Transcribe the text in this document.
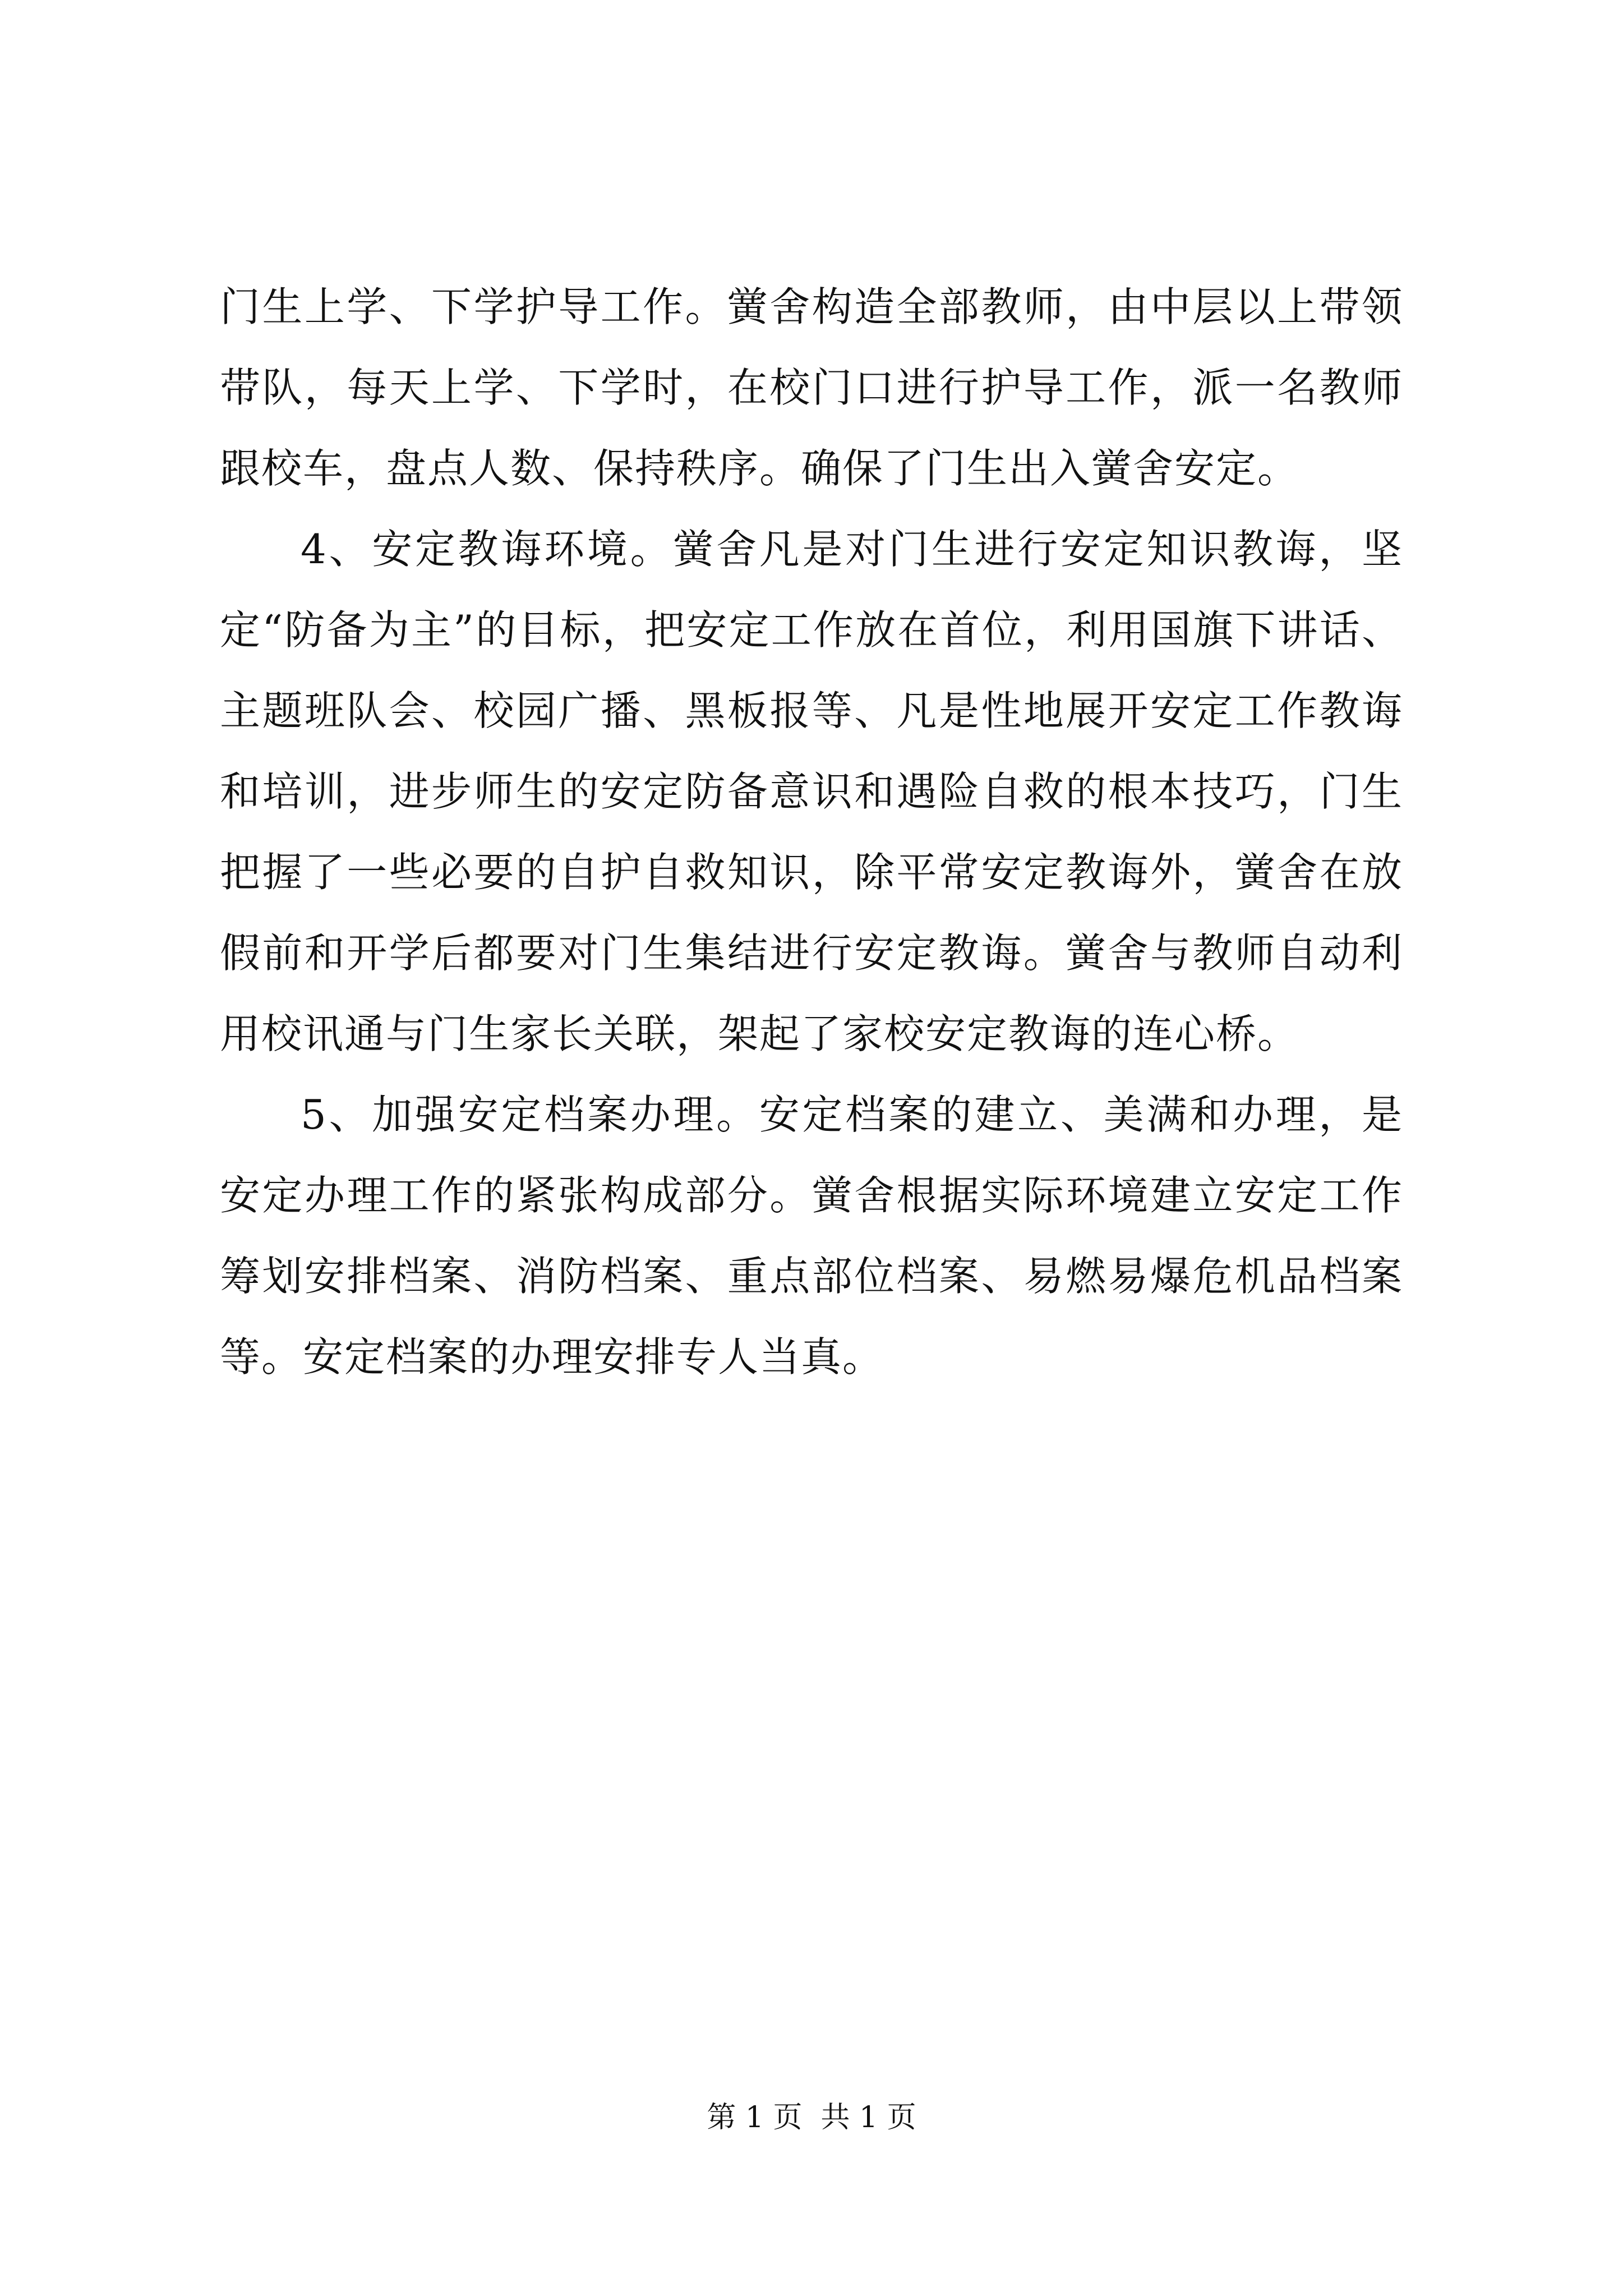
门生上学、下学护导工作。黉舍构造全部教师，由中层以上带领
带队，每天上学、下学时，在校门口进行护导工作，派一名教师
跟校车，盘点人数、保持秩序。确保了门生出入黉舍安定。
4、安定教诲环境。黉舍凡是对门生进行安定知识教诲，坚
定“防备为主”的目标，把安定工作放在首位，利用国旗下讲话、
主题班队会、校园广播、黑板报等、凡是性地展开安定工作教诲
和培训，进步师生的安定防备意识和遇险自救的根本技巧，门生
把握了一些必要的自护自救知识，除平常安定教诲外，黉舍在放
假前和开学后都要对门生集结进行安定教诲。黉舍与教师自动利
用校讯通与门生家长关联，架起了家校安定教诲的连心桥。
5、加强安定档案办理。安定档案的建立、美满和办理，是
安定办理工作的紧张构成部分。黉舍根据实际环境建立安定工作
筹划安排档案、消防档案、重点部位档案、易燃易爆危机品档案
等。安定档案的办理安排专人当真。
第 1 页  共 1 页
